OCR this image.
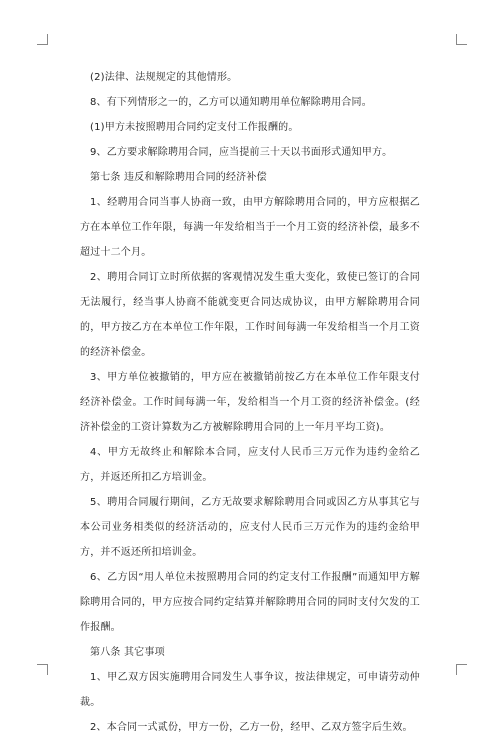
(2)法律、法规规定的其他情形。

8、有下列情形之一的，乙方可以通知聘用单位解除聘用合同。

(1)甲方未按照聘用合同约定支付工作报酬的。

9、乙方要求解除聘用合同，应当提前三十天以书面形式通知甲方。

第七条 违反和解除聘用合同的经济补偿

1、经聘用合同当事人协商一致，由甲方解除聘用合同的，甲方应根据乙方在本单位工作年限，每满一年发给相当于一个月工资的经济补偿，最多不超过十二个月。

2、聘用合同订立时所依据的客观情况发生重大变化，致使已签订的合同无法履行，经当事人协商不能就变更合同达成协议，由甲方解除聘用合同的，甲方按乙方在本单位工作年限，工作时间每满一年发给相当一个月工资的经济补偿金。

3、甲方单位被撤销的，甲方应在被撤销前按乙方在本单位工作年限支付经济补偿金。工作时间每满一年，发给相当一个月工资的经济补偿金。(经济补偿金的工资计算数为乙方被解除聘用合同的上一年月平均工资)。

4、甲方无故终止和解除本合同，应支付人民币三万元作为违约金给乙方，并返还所扣乙方培训金。

5、聘用合同履行期间，乙方无故要求解除聘用合同或因乙方从事其它与本公司业务相类似的经济活动的，应支付人民币三万元作为的违约金给甲方，并不返还所扣培训金。

6、乙方因“用人单位未按照聘用合同的约定支付工作报酬”而通知甲方解除聘用合同的，甲方应按合同约定结算并解除聘用合同的同时支付欠发的工作报酬。

第八条 其它事项

1、甲乙双方因实施聘用合同发生人事争议，按法律规定，可申请劳动仲裁。

2、本合同一式贰份，甲方一份，乙方一份，经甲、乙双方签字后生效。
